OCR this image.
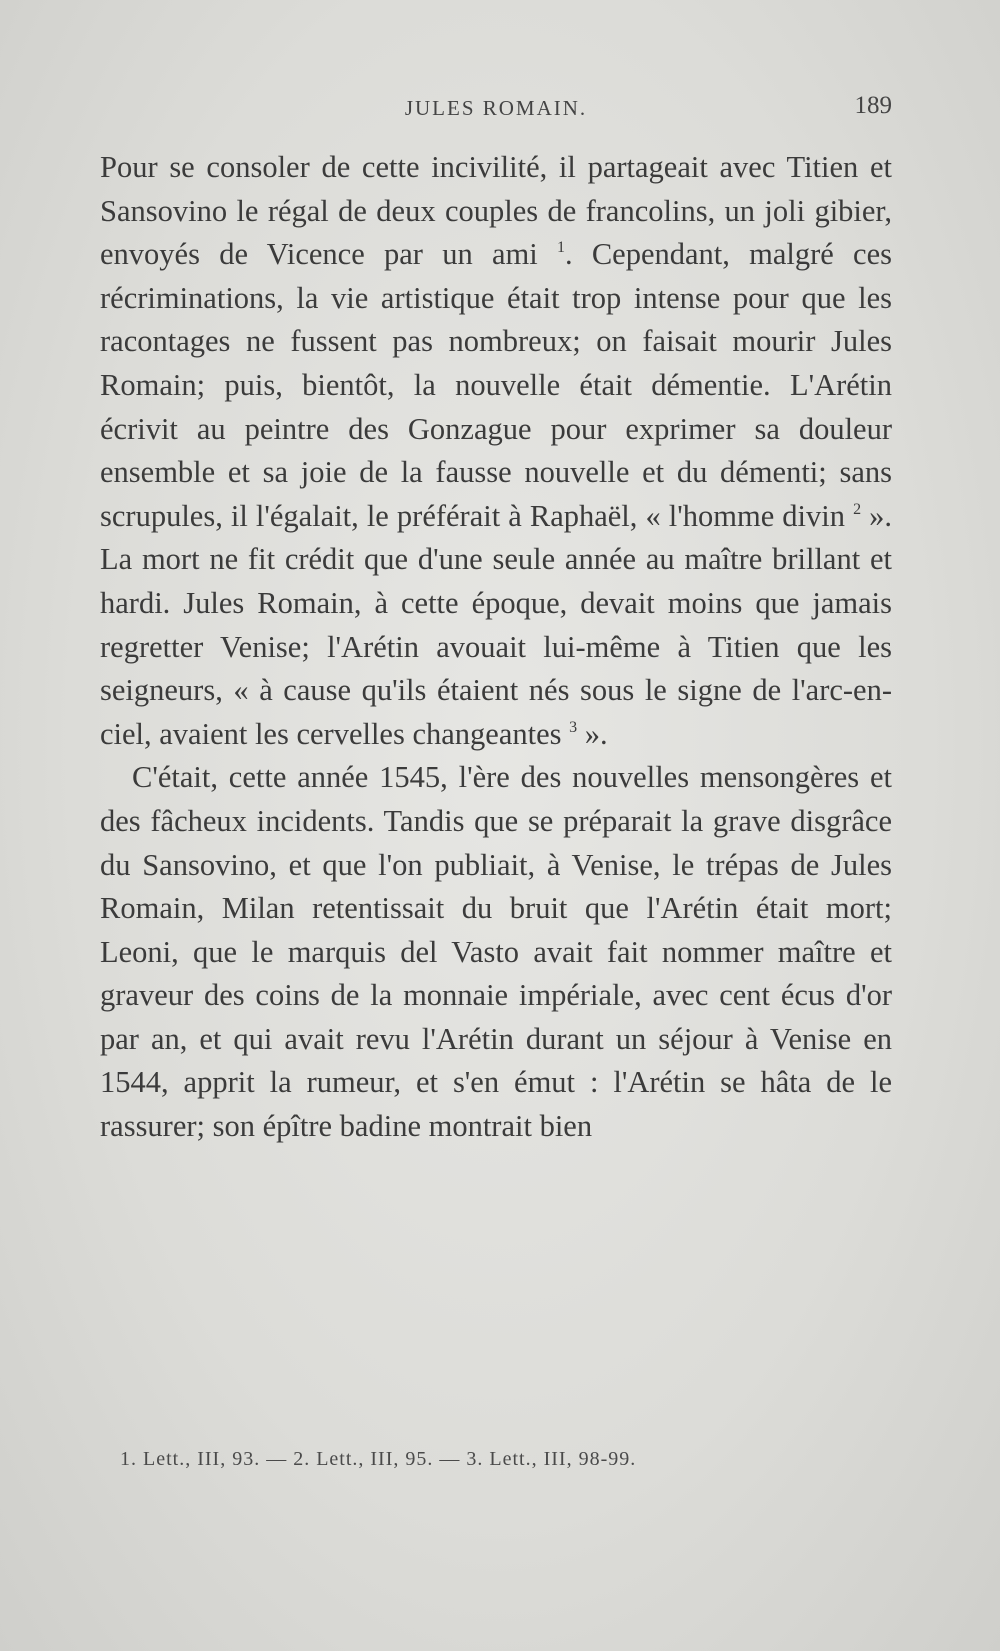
JULES ROMAIN.	189

Pour se consoler de cette incivilité, il partageait avec Titien et Sansovino le régal de deux couples de francolins, un joli gibier, envoyés de Vicence par un ami $^1$. Cependant, malgré ces récriminations, la vie artistique était trop intense pour que les racontages ne fussent pas nombreux; on faisait mourir Jules Romain; puis, bientôt, la nouvelle était démentie. L'Arétin écrivit au peintre des Gonzague pour exprimer sa douleur ensemble et sa joie de la fausse nouvelle et du démenti; sans scrupules, il l'égalait, le préférait à Raphaël, « l'homme divin $^2$ ». La mort ne fit crédit que d'une seule année au maître brillant et hardi. Jules Romain, à cette époque, devait moins que jamais regretter Venise; l'Arétin avouait lui-même à Titien que les seigneurs, « à cause qu'ils étaient nés sous le signe de l'arc-en-ciel, avaient les cervelles changeantes $^3$ ».

C'était, cette année 1545, l'ère des nouvelles mensongères et des fâcheux incidents. Tandis que se préparait la grave disgrâce du Sansovino, et que l'on publiait, à Venise, le trépas de Jules Romain, Milan retentissait du bruit que l'Arétin était mort; Leoni, que le marquis del Vasto avait fait nommer maître et graveur des coins de la monnaie impériale, avec cent écus d'or par an, et qui avait revu l'Arétin durant un séjour à Venise en 1544, apprit la rumeur, et s'en émut : l'Arétin se hâta de le rassurer; son épître badine montrait bien

1. Lett., III, 93. — 2. Lett., III, 95. — 3. Lett., III, 98-99.
